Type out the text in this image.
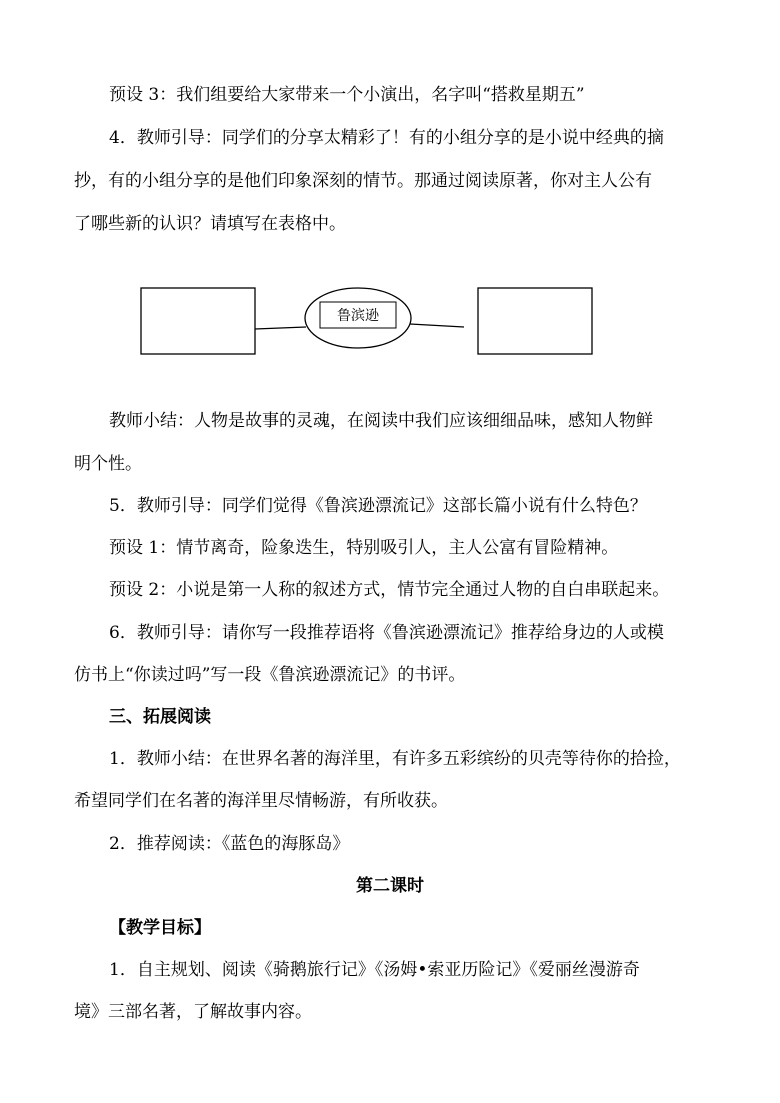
预设 3：我们组要给大家带来一个小演出，名字叫“搭救星期五”
4．教师引导：同学们的分享太精彩了！有的小组分享的是小说中经典的摘
抄，有的小组分享的是他们印象深刻的情节。那通过阅读原著，你对主人公有
了哪些新的认识？请填写在表格中。
鲁滨逊
教师小结：人物是故事的灵魂，在阅读中我们应该细细品味，感知人物鲜
明个性。
5．教师引导：同学们觉得《鲁滨逊漂流记》这部长篇小说有什么特色？
预设 1：情节离奇，险象迭生，特别吸引人，主人公富有冒险精神。
预设 2：小说是第一人称的叙述方式，情节完全通过人物的自白串联起来。
6．教师引导：请你写一段推荐语将《鲁滨逊漂流记》推荐给身边的人或模
仿书上“你读过吗”写一段《鲁滨逊漂流记》的书评。
三、拓展阅读
1．教师小结：在世界名著的海洋里，有许多五彩缤纷的贝壳等待你的拾捡，
希望同学们在名著的海洋里尽情畅游，有所收获。
2．推荐阅读：《蓝色的海豚岛》
第二课时
【教学目标】
1．自主规划、阅读《骑鹅旅行记》《汤姆•索亚历险记》《爱丽丝漫游奇
境》三部名著，了解故事内容。
